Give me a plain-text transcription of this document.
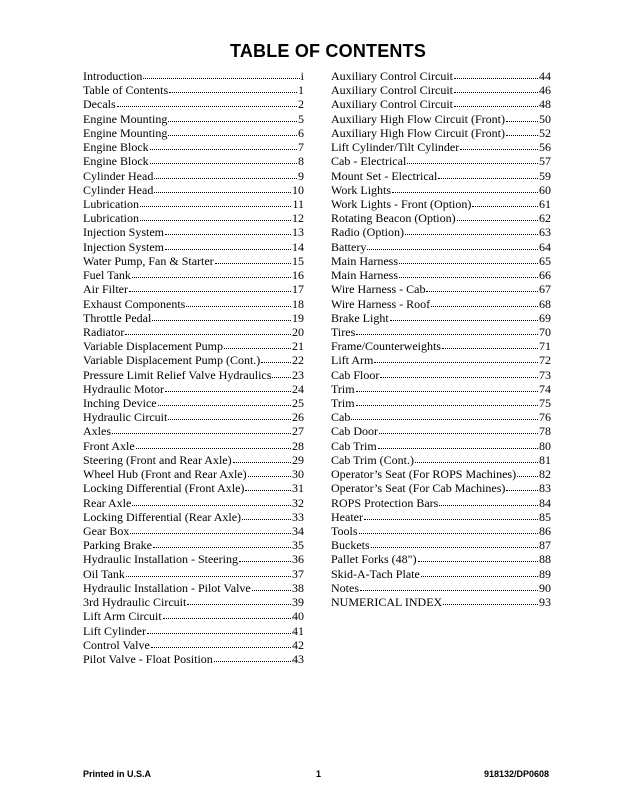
TABLE OF CONTENTS
Introduction	i
Table of Contents	1
Decals	2
Engine Mounting	5
Engine Mounting	6
Engine Block	7
Engine Block	8
Cylinder Head	9
Cylinder Head	10
Lubrication	11
Lubrication	12
Injection System	13
Injection System	14
Water Pump, Fan & Starter	15
Fuel Tank	16
Air Filter	17
Exhaust Components	18
Throttle Pedal	19
Radiator	20
Variable Displacement Pump	21
Variable Displacement Pump (Cont.)	22
Pressure Limit Relief Valve Hydraulics 23
Hydraulic Motor	24
Inching Device	25
Hydraulic Circuit	26
Axles	27
Front Axle	28
Steering (Front and Rear Axle)	29
Wheel Hub (Front and Rear Axle)	30
Locking Differential (Front Axle)	31
Rear Axle	32
Locking Differential (Rear Axle)	33
Gear Box	34
Parking Brake	35
Hydraulic Installation - Steering	36
Oil Tank	37
Hydraulic Installation - Pilot Valve	38
3rd Hydraulic Circuit	39
Lift Arm Circuit	40
Lift Cylinder	41
Control Valve	42
Pilot Valve - Float Position	43
Auxiliary Control Circuit	44
Auxiliary Control Circuit	46
Auxiliary Control Circuit	48
Auxiliary High Flow Circuit (Front)	50
Auxiliary High Flow Circuit (Front)	52
Lift Cylinder/Tilt Cylinder	56
Cab - Electrical	57
Mount Set - Electrical	59
Work Lights	60
Work Lights - Front (Option)	61
Rotating Beacon (Option)	62
Radio (Option)	63
Battery	64
Main Harness	65
Main Harness	66
Wire Harness - Cab	67
Wire Harness - Roof	68
Brake Light	69
Tires	70
Frame/Counterweights	71
Lift Arm	72
Cab Floor	73
Trim	74
Trim	75
Cab	76
Cab Door	78
Cab Trim	80
Cab Trim (Cont.)	81
Operator’s Seat (For ROPS Machines) 82
Operator’s Seat (For Cab Machines)	83
ROPS Protection Bars	84
Heater	85
Tools	86
Buckets	87
Pallet Forks (48")	88
Skid-A-Tach Plate	89
Notes	90
NUMERICAL INDEX	93
Printed in U.S.A	1	918132/DP0608
